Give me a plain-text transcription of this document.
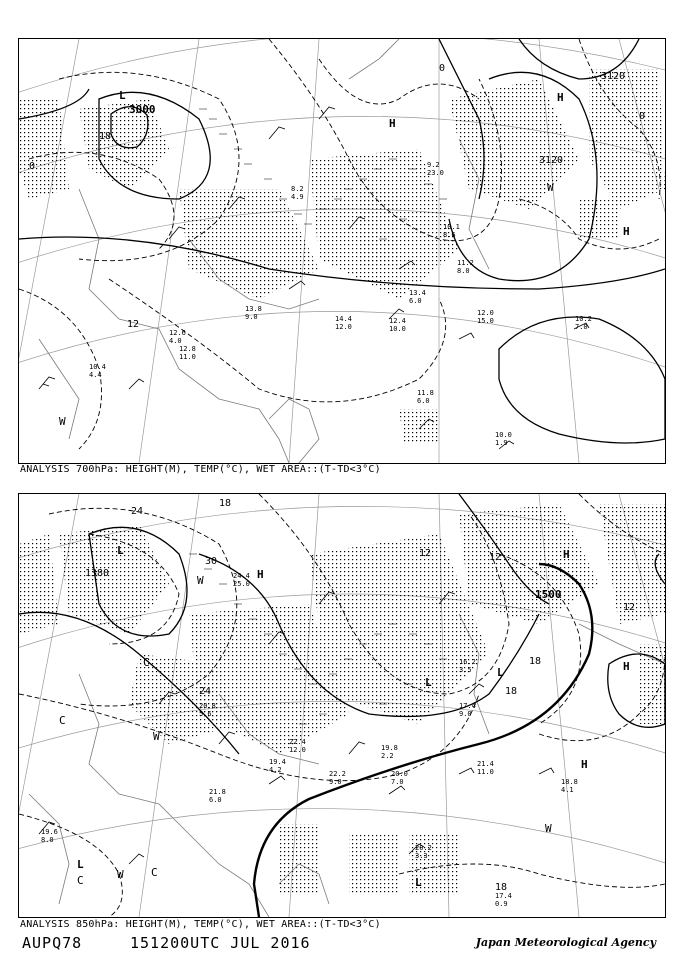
3000
3120
3120
18
12
0
0
0
L
H
H
H
W
W
11.2
8.0
12.0
15.0	10.2
7.0
12.4
10.0
13.4
6.0
11.8
6.0
10.0
1.9
10.4
4.4
12.6
4.0
12.8
11.0
13.8
9.0	14.4
12.0
10.1
8.6
9.2
23.0
8.2
4.9
ANALYSIS 700hPa: HEIGHT(M), TEMP(°C), WET AREA::(T-TD<3°C)
1380
1500
24
24
12	12
12
18
18
18
18
30
L
L
L
L
L
H
H
H
H
W
W
W
W
C
C
C
C
20.2
3.3
17.4
0.9
21.4
11.0
22.2
9.0	18.8
4.1
16.2
3.5
20.0
7.0
19.6
8.0
21.8
6.0
19.8
2.2
22.4
12.0
19.4
4.2
24.4
25.0
20.8
5.6
17.4
9.0
ANALYSIS 850hPa: HEIGHT(M), TEMP(°C), WET AREA::(T-TD<3°C)
AUPQ78	151200UTC JUL 2016	Japan Meteorological Agency
